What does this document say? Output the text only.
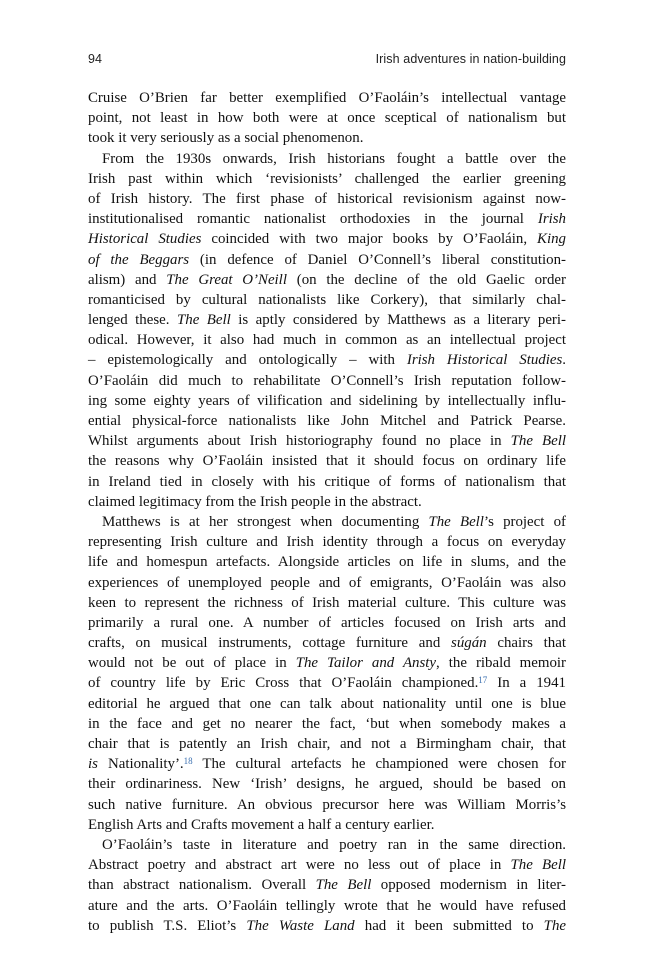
94	Irish adventures in nation-building
Cruise O’Brien far better exemplified O’Faoláin’s intellectual vantage
point, not least in how both were at once sceptical of nationalism but
took it very seriously as a social phenomenon.
From the 1930s onwards, Irish historians fought a battle over the
Irish past within which ‘revisionists’ challenged the earlier greening
of Irish history. The first phase of historical revisionism against now-
institutionalised romantic nationalist orthodoxies in the journal Irish
Historical Studies coincided with two major books by O’Faoláin, King
of the Beggars (in defence of Daniel O’Connell’s liberal constitution-
alism) and The Great O’Neill (on the decline of the old Gaelic order
romanticised by cultural nationalists like Corkery), that similarly chal-
lenged these. The Bell is aptly considered by Matthews as a literary peri-
odical. However, it also had much in common as an intellectual project
– epistemologically and ontologically – with Irish Historical Studies.
O’Faoláin did much to rehabilitate O’Connell’s Irish reputation follow-
ing some eighty years of vilification and sidelining by intellectually influ-
ential physical-force nationalists like John Mitchel and Patrick Pearse.
Whilst arguments about Irish historiography found no place in The Bell
the reasons why O’Faoláin insisted that it should focus on ordinary life
in Ireland tied in closely with his critique of forms of nationalism that
claimed legitimacy from the Irish people in the abstract.
Matthews is at her strongest when documenting The Bell’s project of
representing Irish culture and Irish identity through a focus on everyday
life and homespun artefacts. Alongside articles on life in slums, and the
experiences of unemployed people and of emigrants, O’Faoláin was also
keen to represent the richness of Irish material culture. This culture was
primarily a rural one. A number of articles focused on Irish arts and
crafts, on musical instruments, cottage furniture and súgán chairs that
would not be out of place in The Tailor and Ansty, the ribald memoir
of country life by Eric Cross that O’Faoláin championed.$^{17}$ In a 1941
editorial he argued that one can talk about nationality until one is blue
in the face and get no nearer the fact, ‘but when somebody makes a
chair that is patently an Irish chair, and not a Birmingham chair, that
is Nationality’.$^{18}$ The cultural artefacts he championed were chosen for
their ordinariness. New ‘Irish’ designs, he argued, should be based on
such native furniture. An obvious precursor here was William Morris’s
English Arts and Crafts movement a half a century earlier.
O’Faoláin’s taste in literature and poetry ran in the same direction.
Abstract poetry and abstract art were no less out of place in The Bell
than abstract nationalism. Overall The Bell opposed modernism in liter-
ature and the arts. O’Faoláin tellingly wrote that he would have refused
to publish T.S. Eliot’s The Waste Land had it been submitted to The
